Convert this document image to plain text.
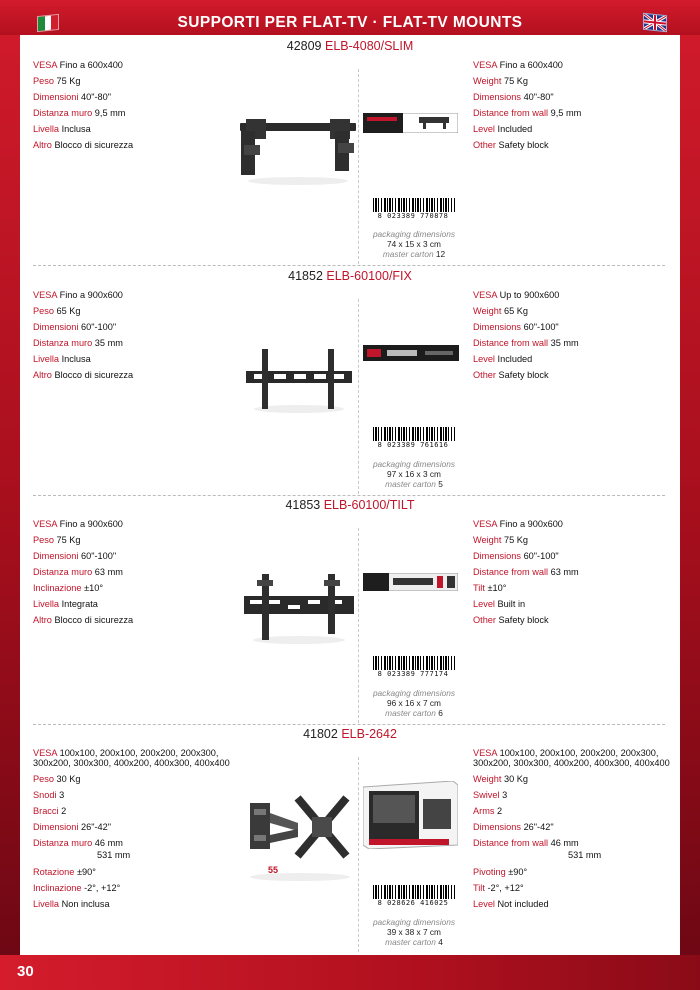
SUPPORTI PER FLAT-TV · FLAT-TV MOUNTS
30
42809 ELB-4080/SLIM
VESA Fino a 600x400
Peso 75 Kg
Dimensioni 40"-80"
Distanza muro 9,5 mm
Livella Inclusa
Altro Blocco di sicurezza
VESA Fino a 600x400
Weight 75 Kg
Dimensions 40"-80"
Distance from wall 9,5 mm
Level Included
Other Safety block
8 023389 770878
packaging dimensions
74 x 15 x 3 cm
master carton 12
41852 ELB-60100/FIX
VESA Fino a 900x600
Peso 65 Kg
Dimensioni 60"-100"
Distanza muro 35 mm
Livella Inclusa
Altro Blocco di sicurezza
VESA Up to 900x600
Weight 65 Kg
Dimensions 60"-100"
Distance from wall 35 mm
Level Included
Other Safety block
8 023389 761616
packaging dimensions
97 x 16 x 3 cm
master carton 5
41853 ELB-60100/TILT
VESA Fino a 900x600
Peso 75 Kg
Dimensioni 60"-100"
Distanza muro 63 mm
Inclinazione ±10°
Livella Integrata
Altro Blocco di sicurezza
VESA Fino a 900x600
Weight 75 Kg
Dimensions 60"-100"
Distance from wall 63 mm
Tilt ±10°
Level Built in
Other Safety block
8 023389 777174
packaging dimensions
96 x 16 x 7 cm
master carton 6
41802 ELB-2642
VESA 100x100, 200x100, 200x200, 200x300, 300x200, 300x300, 400x200, 400x300, 400x400
Peso 30 Kg
Snodi 3
Bracci 2
Dimensioni 26"-42"
Distanza muro 46 mm
531 mm
Rotazione ±90°
Inclinazione -2°, +12°
Livella Non inclusa
VESA 100x100, 200x100, 200x200, 200x300, 300x200, 300x300, 400x200, 400x300, 400x400
Weight 30 Kg
Swivel 3
Arms 2
Dimensions 26"-42"
Distance from wall 46 mm
531 mm
Pivoting ±90°
Tilt -2°, +12°
Level Not included
55
8 028626 416025
packaging dimensions
39 x 38 x 7 cm
master carton 4
